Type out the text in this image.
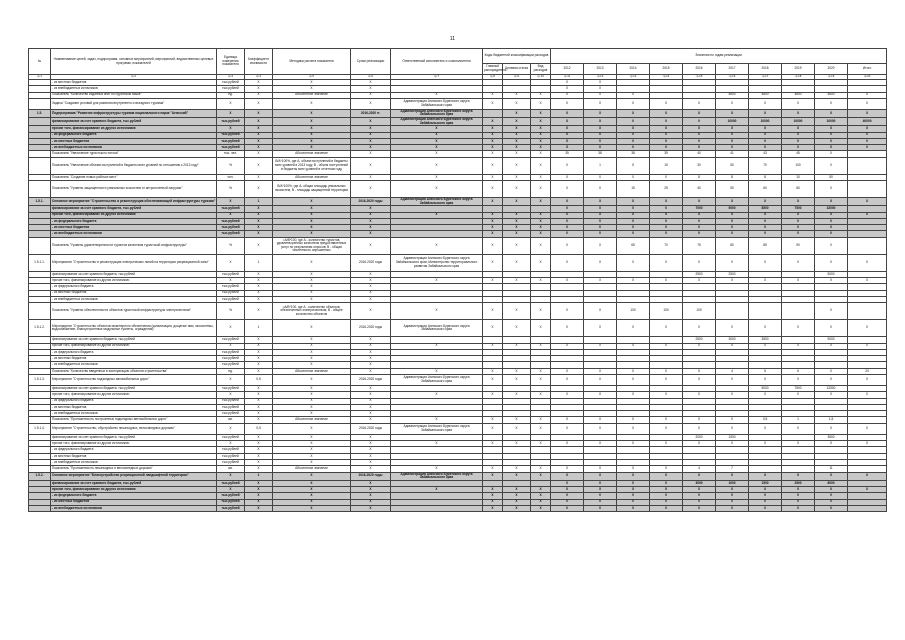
11
№	Наименование целей, задач, подпрограмм, основных мероприятий, мероприятий, ведомственных целевых программ, показателей	Единица измерения показателя	Коэффициент значимости	Методика расчета показателя	Сроки реализации	Ответственный исполнитель и соисполнители	Коды бюджетной классификации расходов			Значения по годам реализации									
							Главный распорядитель	Целевая статья	Вид расходов	2012	2013	2014	2015	2016	2017	2018	2019	2020	Итого
гр.1	гр.2	гр.3	гр.4	гр.5	гр.6	гр.7	гр.8	гр.9	гр.10	гр.11	гр.12	гр.13	гр.14	гр.15	гр.16	гр.17	гр.18	гр.19	гр.20
	- из местных бюджетов	тыс.рублей	Х	Х	Х					Х	Х								
	- из внебюджетных источников	тыс.рублей	Х	Х	Х					Х	Х								
	Показатель "Количество изданных книг по Бурятском языке"	ед.	Х	Абсолютное значение	Х	Х	Х	Х	Х	Х	Х	Х			4600	4600	4600	4600	Х
	Задача "Создание условий для развития внутреннего и въездного туризма"	Х	Х	Х	Х	Администрация Агинского Бурятского округа Забайкальского края	Х	Х	Х	Х	Х	Х	Х	Х	Х	Х	Х	Х	Х
1.5.	Подпрограмма "Развитие инфраструктуры туризма национального парка "Агинский"	Х	Х	Х	2016-2020 гг.	Администрация Агинского Бурятского округа Забайкальского края		Х	Х	Х	Х	Х	Х	Х	Х	Х	Х	Х	Х
	финансирование за счет краевого бюджета, тыс.рублей	тыс.рублей	Х	Х	Х	Администрация Агинского Бурятского округа Забайкальского края	Х	Х	Х	Х	Х	0	0	0	10000	10000	10000	10000	40000
	прочие того, финансирование из других источников:	Х	Х	Х	Х	Х	Х	Х	Х	Х	Х	Х	Х	Х	Х	Х	Х	Х	Х
	- из федерального бюджета	тыс.рублей	Х	Х	Х	Х	Х	Х	Х	Х	0	0	0	0	0	0	0	0	0
	- из местных бюджетов	тыс.рублей	Х	Х	Х	Х	Х	Х	Х	Х	0	0	0	0	0	0	0	0	0
	- из внебюджетных источников	тыс.рублей	Х	Х	Х	Х	Х	Х	Х	Х	0	0	0	0	0	0	0	0	0
	Показатель "Увеличение туристского потока"	тыс. чел.	Х	Абсолютное значение	Х	Х	Х	Х	Х	35	38	38	39	40	41	43	45	Х	
	Показатель "Увеличение объема поступлений в бюджеты всех уровней по отношению к 2013 году"	%	Х	В/А*100%, где А- объем поступлений в бюджеты всех уровней в 2013 году, В - объем поступлений в бюджеты всех уровней в отчетном году	Х	Х	Х	Х	Х	Х	1	5	15	30	50	70	100	Х	
	Показатель "Создание новых рабочих мест"	чел.	Х	Абсолютное значение	Х	Х	Х	Х	Х	Х	0	0	0	8	8	8	10	50	
	Показатель "Уровень защищенности уникальных экосистем от антропогенной нагрузки"	%	Х	В/А*100%, где А- общая площадь уникальных экосистем, В - площадь защищенной территории	Х	Х	Х	Х	Х	Х	0	15	25	40	50	60	80	Х	
1.5.1.	Основное мероприятие "Строительство и реконструкция обеспечивающей инфраструктуры туризма"	Х	1	Х	2016-2020 годы	Администрация Агинского Бурятского округа Забайкальского края	Х	Х	Х	Х	Х	Х	Х	Х	Х	Х	Х	Х	Х
	финансирование за счет краевого бюджета, тыс.рублей	тыс.рублей	Х	Х	Х					0	0	0	0	7000	5000	8500	7500	32000	
	прочие того, финансирование из других источников:	Х	Х	Х	Х	Х	Х	Х	Х	Х	Х	Х	Х	Х	Х	Х	Х	Х	Х
	- из федерального бюджета	тыс.рублей	Х	Х	Х		Х	Х	Х	0	0	0	0	0	0	0	0	0	
	- из местных бюджетов	тыс.рублей	Х	Х	Х		Х	Х	Х	0	0	0	0	0	0	0	0	0	
	- из внебюджетных источников	тыс.рублей	Х	Х	Х		Х	Х	Х	0	0	0	0	0	0	0	0	0	
	Показатель "Уровень удовлетворенности туристов качеством туристской инфраструктуры"	%	Х	=А/В*100, где А - количество туристов, удовлетворенных качеством предоставленных услуг по результатам опросов; В - общая численность опрошенных	Х	Х	Х	Х	Х	Х	Х	65	70	75	80	85	90	Х	
1.5.1.1.	Мероприятие "Строительство и реконструкция электрических линий на территории рекреационной зоны"	Х	1	Х	2016-2020 годы	Администрация Агинского Бурятского округа Забайкальского края; Министерство территориального развития Забайкальского края	Х	Х	Х	Х	Х	Х	Х	Х	Х	Х	Х	Х	Х
	финансирование за счет краевого бюджета, тыс.рублей	тыс.рублей	Х	Х	Х									2500	2500			5000	
	прочие того, финансирование из других источников:	Х	Х	Х	Х	Х	Х	Х	Х	Х	Х	Х	Х	Х	Х	Х	Х	Х	Х
	- из федерального бюджета	тыс.рублей	Х	Х	Х														
	- из местных бюджетов	тыс.рублей	Х	Х	Х														
	- из внебюджетных источников	тыс.рублей	Х	Х	Х														
	Показатель "Уровень обеспеченности объектов туристской инфраструктуры электричеством"	%	Х	=А/В*100, где А - количество объектов, обеспеченных электричеством; В - общее количество объектов	Х	Х	Х	Х	Х	Х	Х	100	100	100				Х	
1.5.1.2.	Мероприятие "Строительство объектов инженерного обеспечения (канализация, дощатые ями, экосистемы, водоснабжение, благоустроенные модульные туалеты, ограждения)"	Х	1	Х	2016-2020 годы	Администрация Агинского Бурятского округа Забайкальского края	Х	Х	Х	Х	Х	Х	Х	Х	Х	Х	Х	Х	Х
	финансирование за счет краевого бюджета, тыс.рублей	тыс.рублей	Х	Х	Х									2500	3000	3500		9000	
	прочие того, финансирование из других источников:	Х	Х	Х	Х	Х	Х	Х	Х	Х	Х	Х	Х	Х	Х	Х	Х	Х	Х
	- из федерального бюджета	тыс.рублей	Х	Х	Х														
	- из местных бюджетов	тыс.рублей	Х	Х	Х														
	- из внебюджетных источников	тыс.рублей	Х	Х	Х														
	Показатель "Количество введенных в эксплуатацию объектов строительства"	ед.	Х	Абсолютное значение	Х	Х	Х	Х	Х	Х	Х	Х	Х	5	4	5	6	0	20
1.5.1.3.	Мероприятие "Строительство подъездных автомобильных дорог"	Х	0,5	Х	2016-2020 годы	Администрация Агинского Бурятского округа Забайкальского края	Х	Х	Х	Х	Х	Х	Х	Х	Х	Х	Х	Х	Х
	финансирование за счет краевого бюджета, тыс.рублей	тыс.рублей	Х	Х	Х											5000	7500	12500	
	прочие того, финансирование из других источников:	Х	Х	Х	Х	Х	Х	Х	Х	Х	Х	Х	Х	Х	Х	Х	Х	Х	Х
	- из федерального бюджета	тыс.рублей	Х	Х	Х														
	- из местных бюджетов	тыс.рублей	Х	Х	Х														
	- из внебюджетных источников	тыс.рублей	Х	Х	Х														
	Показатель "Протяженность построенных подъездных автомобильных дорог"	км.	Х	Абсолютное значение	Х	Х	Х	Х	Х	Х	Х	Х	Х	Х	Х	0,5	1	1,5	
1.5.1.4.	Мероприятие "Строительство, обустройство пешеходных, велосипедных дорожек"	Х	0,5	Х	2016-2020 годы	Администрация Агинского Бурятского округа Забайкальского края	Х	Х	Х	Х	Х	Х	Х	Х	Х	Х	Х	Х	Х
	финансирование за счет краевого бюджета, тыс.рублей	тыс.рублей	Х	Х	Х									2000	1500			3500	
	прочие того, финансирование из других источников:	Х	Х	Х	Х	Х	Х	Х	Х	Х	Х	Х	Х	Х	Х	Х	Х	Х	Х
	- из федерального бюджета	тыс.рублей	Х	Х	Х														
	- из местных бюджетов	тыс.рублей	Х	Х	Х														
	- из внебюджетных источников	тыс.рублей	Х	Х	Х														
	Показатель "Протяженность пешеходных и велосипедных дорожек"	км.	Х	Абсолютное значение	Х	Х	Х	Х	Х	Х	Х	Х	Х	4	7			11	
1.5.2.	Основное мероприятие "Благоустройство рекреационной ландшафтной территории"	Х	1	Х	2016-2020 годы	Администрация Агинского Бурятского округа Забайкальского края	Х	Х	Х	Х	Х	Х	Х	Х	Х	Х	Х	Х	Х
	финансирование за счет краевого бюджета, тыс.рублей	тыс.рублей	Х	Х	Х					0	0	0	0	3000	1000	1500	2500	8000	
	прочие того, финансирование из других источников:	Х	Х	Х	Х	Х	Х	Х	Х	Х	Х	Х	Х	Х	Х	Х	Х	Х	Х
	- из федерального бюджета	тыс.рублей	Х	Х	Х		Х	Х	Х	0	0	0	0	0	0	0	0	0	
	- из местных бюджетов	тыс.рублей	Х	Х	Х		Х	Х	Х	0	0	0	0	0	0	0	0	0	
	- из внебюджетных источников	тыс.рублей	Х	Х	Х		Х	Х	Х	0	0	0	0	0	0	0	0	0	
